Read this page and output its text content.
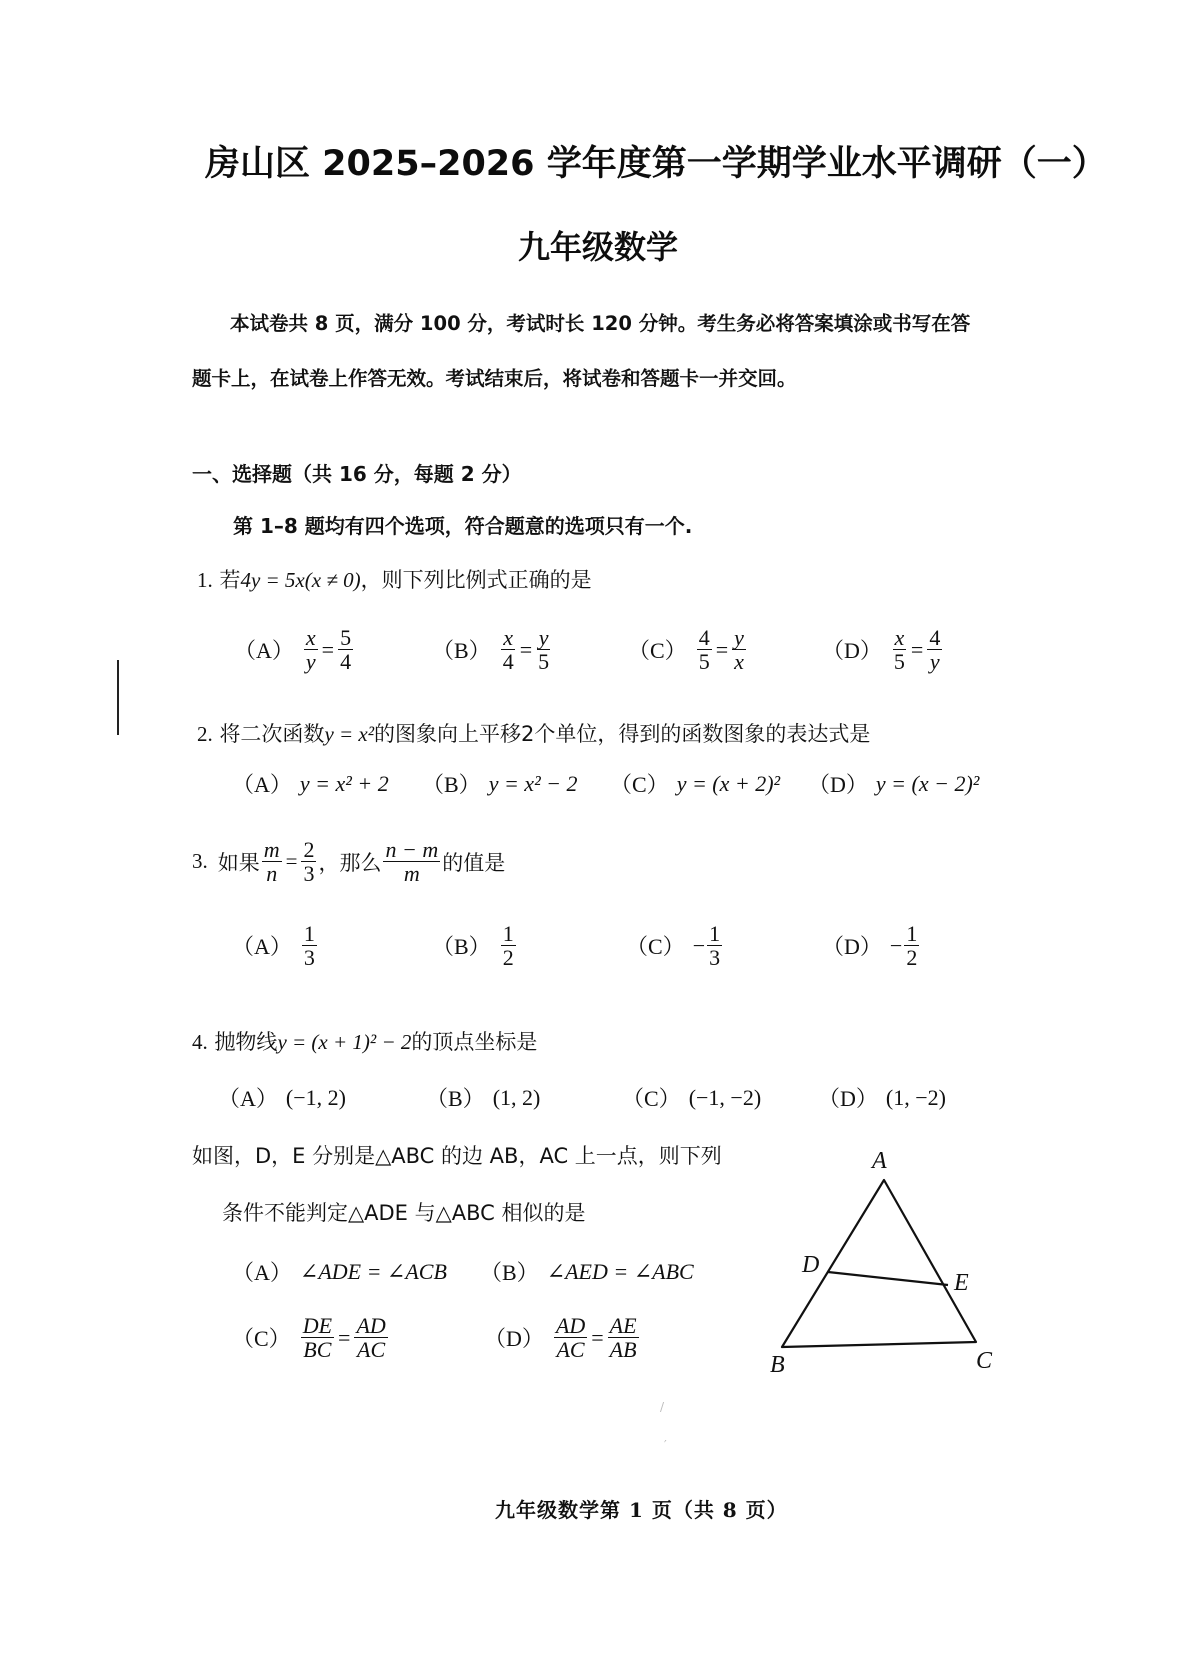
房山区 2025–2026 学年度第一学期学业水平调研（一）
九年级数学
本试卷共 8 页，满分 100 分，考试时长 120 分钟。考生务必将答案填涂或书写在答
题卡上，在试卷上作答无效。考试结束后，将试卷和答题卡一并交回。
一、选择题（共 16 分，每题 2 分）
第 1–8 题均有四个选项，符合题意的选项只有一个.
1. 若4y = 5x(x ≠ 0)，则下列比例式正确的是
$(A) \frac{x}{y} = \frac{5}{4}$	$(B) \frac{x}{4} = \frac{y}{5}$	$(C) \frac{4}{5} = \frac{y}{x}$	$(D) \frac{x}{5} = \frac{4}{y}$
2. 将二次函数y = x²的图象向上平移2个单位，得到的函数图象的表达式是
（A） y = x² + 2 （B） y = x² − 2 （C） y = (x + 2)² （D） y = (x − 2)²
3. 如果 $\frac{m}{n} = \frac{2}{3}$ ，那么 $\frac{n - m}{m}$ 的值是
$(A) \frac{1}{3}$	$(B) \frac{1}{2}$	$(C) - \frac{1}{3}$	$(D) - \frac{1}{2}$
4. 抛物线y = (x + 1)² − 2的顶点坐标是
（A） (−1, 2)	（B） (1, 2)	（C） (−1, −2)	（D） (1, −2)
如图，D，E 分别是△ABC 的边 AB，AC 上一点，则下列
条件不能判定△ADE 与△ABC 相似的是
（A） ∠ADE = ∠ACB （B） ∠AED = ∠ABC
$(C) \frac{DE}{BC} = \frac{AD}{AC}$	$(D) \frac{AD}{AC} = \frac{AE}{AB}$
A
D
E
B	C
/
′
九年级数学第 1 页（共 8 页）
